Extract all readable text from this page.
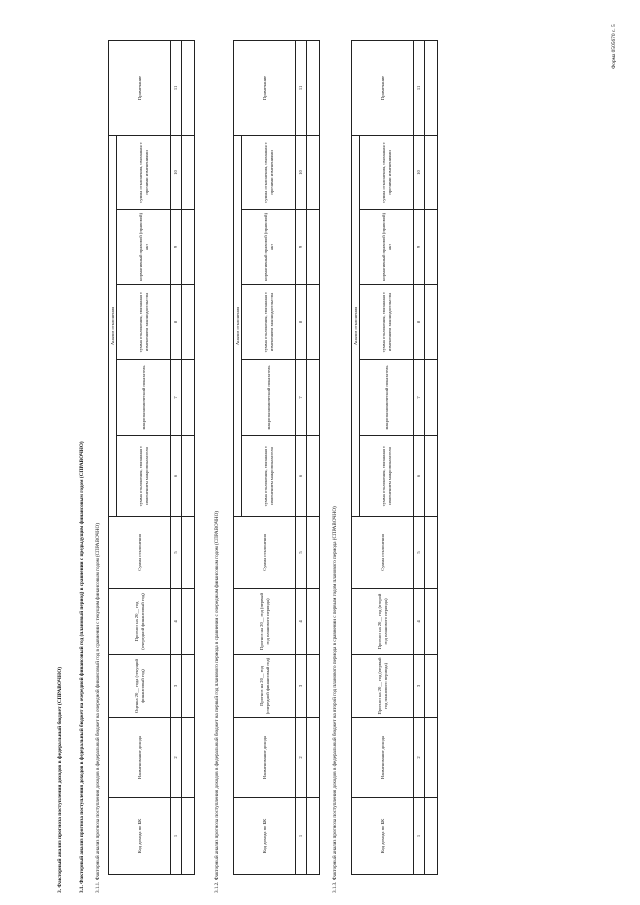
Форма 0505670 с. 5
3. Факторный анализ прогноза поступления доходов в федеральный бюджет (СПРАВОЧНО)	3.1. Факторный анализ прогноза поступления доходов в федеральный бюджет на очередной финансовый год (плановый период) в сравнении с предыдущим финансовым годом (СПРАВОЧНО) 3.1.1. Факторный анализ прогноза поступления доходов в федеральный бюджет на очередной финансовый год в сравнении с текущим финансовым годом (СПРАВОЧНО)	Код дохода по БК	Наименование дохода	Оценка 20__ года (текущий финансовый год)	Прогноз на 20__ год (очередной финансовый год)	Сумма отклонения	Анализ отклонения					Примечание
					сумма отклонения, связанная с изменением макропоказателя	макроэкономический показатель	сумма отклонения, связанная с изменением законодательства	нормативный правовой (правовой) акт	сумма отклонения, связанная с прочими изменениями	
1	2	3	4	5	6	7	8	9	10	11

3.1.2. Факторный анализ прогноза поступления доходов в федеральный бюджет на первый год планового периода в сравнении с очередным финансовым годом (СПРАВОЧНО)	Код дохода по БК	Наименование дохода	Прогноз на 20__ год (очередной финансовый год)	Прогноз на 20__ год (первый год планового периода)	Сумма отклонения	Анализ отклонения					Примечание
					сумма отклонения, связанная с изменением макропоказателя	макроэкономический показатель	сумма отклонения, связанная с изменением законодательства	нормативный правовой (правовой) акт	сумма отклонения, связанная с прочими изменениями	
1	2	3	4	5	6	7	8	9	10	11

3.1.3. Факторный анализ прогноза поступления доходов в федеральный бюджет на второй год планового периода в сравнении с первым годом планового периода (СПРАВОЧНО)	Код дохода по БК	Наименование дохода	Прогноз на 20__ год (первый год планового периода)	Прогноз на 20__ год (второй год планового периода)	Сумма отклонения	Анализ отклонения					Примечание
					сумма отклонения, связанная с изменением макропоказателя	макроэкономический показатель	сумма отклонения, связанная с изменением законодательства	нормативный правовой (правовой) акт	сумма отклонения, связанная с прочими изменениями	
1	2	3	4	5	6	7	8	9	10	11
